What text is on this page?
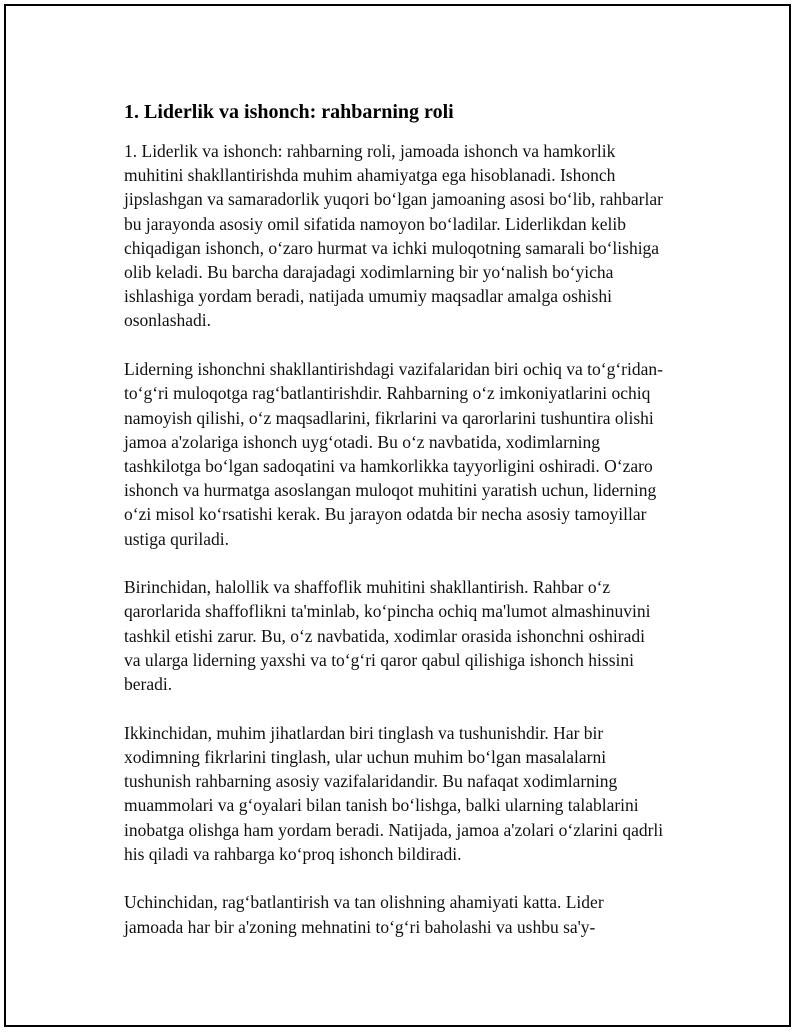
1. Liderlik va ishonch: rahbarning roli

1. Liderlik va ishonch: rahbarning roli, jamoada ishonch va hamkorlik
muhitini shakllantirishda muhim ahamiyatga ega hisoblanadi. Ishonch
jipslashgan va samaradorlik yuqori bo‘lgan jamoaning asosi bo‘lib, rahbarlar
bu jarayonda asosiy omil sifatida namoyon bo‘ladilar. Liderlikdan kelib
chiqadigan ishonch, o‘zaro hurmat va ichki muloqotning samarali bo‘lishiga
olib keladi. Bu barcha darajadagi xodimlarning bir yo‘nalish bo‘yicha
ishlashiga yordam beradi, natijada umumiy maqsadlar amalga oshishi
osonlashadi.

Liderning ishonchni shakllantirishdagi vazifalaridan biri ochiq va to‘g‘ridan-
to‘g‘ri muloqotga rag‘batlantirishdir. Rahbarning o‘z imkoniyatlarini ochiq
namoyish qilishi, o‘z maqsadlarini, fikrlarini va qarorlarini tushuntira olishi
jamoa a'zolariga ishonch uyg‘otadi. Bu o‘z navbatida, xodimlarning
tashkilotga bo‘lgan sadoqatini va hamkorlikka tayyorligini oshiradi. O‘zaro
ishonch va hurmatga asoslangan muloqot muhitini yaratish uchun, liderning
o‘zi misol ko‘rsatishi kerak. Bu jarayon odatda bir necha asosiy tamoyillar
ustiga quriladi.

Birinchidan, halollik va shaffoflik muhitini shakllantirish. Rahbar o‘z
qarorlarida shaffoflikni ta'minlab, ko‘pincha ochiq ma'lumot almashinuvini
tashkil etishi zarur. Bu, o‘z navbatida, xodimlar orasida ishonchni oshiradi
va ularga liderning yaxshi va to‘g‘ri qaror qabul qilishiga ishonch hissini
beradi.

Ikkinchidan, muhim jihatlardan biri tinglash va tushunishdir. Har bir
xodimning fikrlarini tinglash, ular uchun muhim bo‘lgan masalalarni
tushunish rahbarning asosiy vazifalaridandir. Bu nafaqat xodimlarning
muammolari va g‘oyalari bilan tanish bo‘lishga, balki ularning talablarini
inobatga olishga ham yordam beradi. Natijada, jamoa a'zolari o‘zlarini qadrli
his qiladi va rahbarga ko‘proq ishonch bildiradi.

Uchinchidan, rag‘batlantirish va tan olishning ahamiyati katta. Lider
jamoada har bir a'zoning mehnatini to‘g‘ri baholashi va ushbu sa'y-
